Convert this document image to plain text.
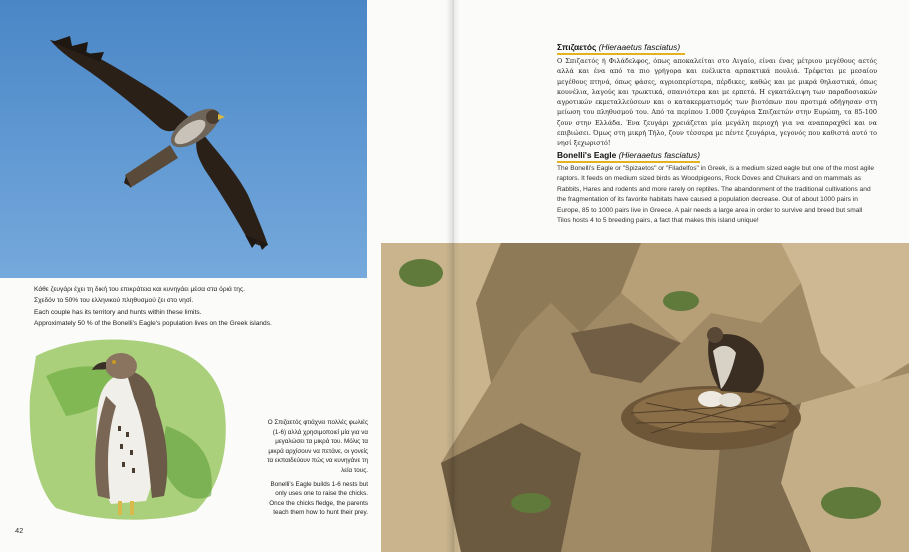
Κάθε ζευγάρι έχει τη δική του επικράτεια και κυνηγάει μέσα στα όριά της.
Σχεδόν το 50% του ελληνικού πληθυσμού ζει στο νησί.
Each couple has its territory and hunts within these limits.
Approximately 50 % of the Bonelli's Eagle's population lives on the Greek islands.

Ο Σπιζαετός φτιάχνει πολλές φωλιές (1-6) αλλά χρησιμοποιεί μία για να μεγαλώσει τα μικρά του. Μόλις τα μικρά αρχίσουν να πετάνε, οι γονείς τα εκπαιδεύουν πώς να κυνηγάνε τη λεία τους.

Bonelli's Eagle builds 1-6 nests but only uses one to raise the chicks. Once the chicks fledge, the parents teach them how to hunt their prey.

42
Σπιζαετός (Hieraaetus fasciatus)

Ο Σπιζαετός ή Φιλάδελφος, όπως αποκαλείται στο Αιγαίο, είναι ένας μέτριου μεγέθους αετός αλλά και ένα από τα πιο γρήγορα και ευέλικτα αρπακτικά πουλιά. Τρέφεται με μεσαίου μεγέθους πτηνά, όπως φάσες, αγριοπερίστερα, πέρδικες, καθώς και με μικρά θηλαστικά, όπως κουνέλια, λαγούς και τρωκτικά, σπανιότερα και με ερπετά. Η εγκατάλειψη των παραδοσιακών αγροτικών εκμεταλλεύσεων και ο κατακερματισμός των βιοτόπων που προτιμά οδήγησαν στη μείωση του πληθυσμού του. Από τα περίπου 1.000 ζευγάρια Σπιζαετών στην Ευρώπη, τα 85-100 ζουν στην Ελλάδα. Ένα ζευγάρι χρειάζεται μία μεγάλη περιοχή για να αναπαραχθεί και να επιβιώσει. Όμως στη μικρή Τήλο, ζουν τέσσερα με πέντε ζευγάρια, γεγονός που καθιστά αυτό το νησί ξεχωριστό!

Bonelli's Eagle (Hieraaetus fasciatus)

The Bonelli's Eagle or "Spizaetos" or "Filadelfos" in Greek, is a medium sized eagle but one of the most agile raptors. It feeds on medium sized birds as Woodpigeons, Rock Doves and Chukars and on mammals as Rabbits, Hares and rodents and more rarely on reptiles. The abandonment of the traditional cultivations and the fragmentation of its favorite habitats have caused a population decrease. Out of about 1000 pairs in Europe, 85 to 1000 pairs live in Greece. A pair needs a large area in order to survive and breed but small Tilos hosts 4 to 5 breeding pairs, a fact that makes this island unique!
